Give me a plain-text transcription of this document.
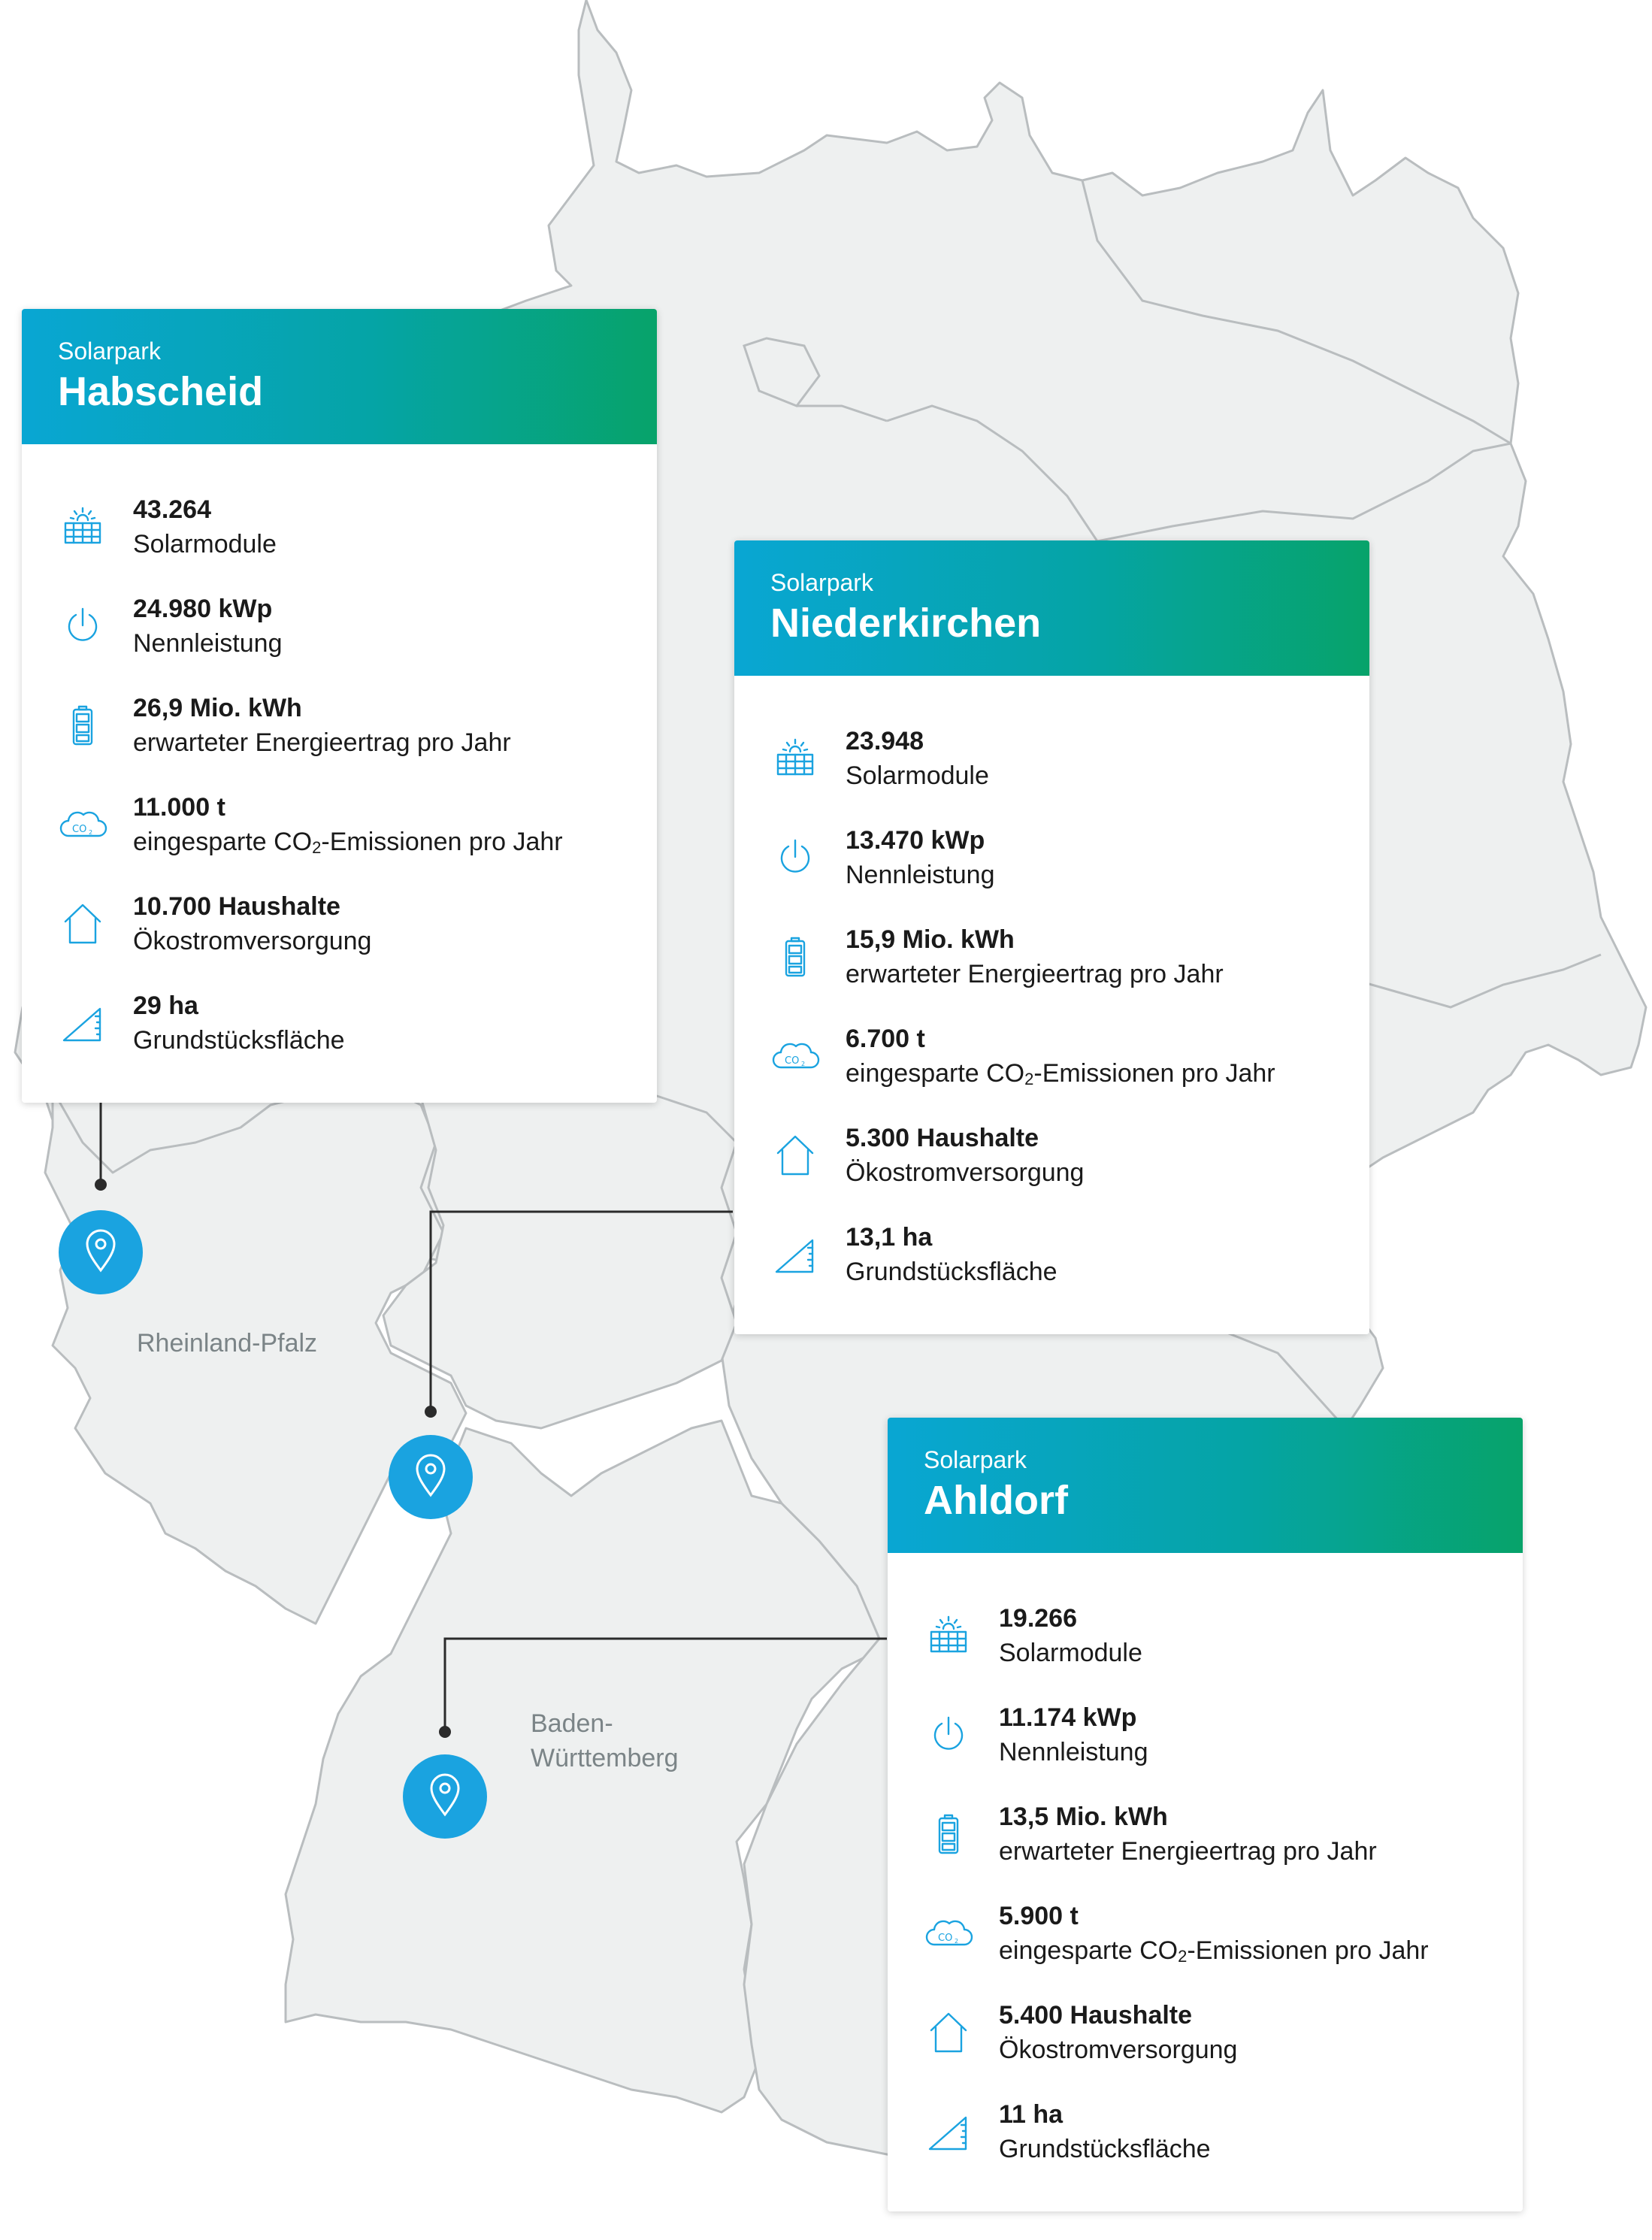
Rheinland-Pfalz
Baden-
Württemberg
Solarpark
Habscheid
43.264
Solarmodule
24.980 kWp
Nennleistung
26,9 Mio. kWh
erwarteter Energieertrag pro Jahr
CO 2
11.000 t
eingesparte $CO_2$-Emissionen pro Jahr
10.700 Haushalte
Ökostromversorgung
29 ha
Grundstücksfläche
Solarpark
Niederkirchen
23.948
Solarmodule
13.470 kWp
Nennleistung
15,9 Mio. kWh
erwarteter Energieertrag pro Jahr
CO 2
6.700 t
eingesparte $CO_2$-Emissionen pro Jahr
5.300 Haushalte
Ökostromversorgung
13,1 ha
Grundstücksfläche
Solarpark
Ahldorf
19.266
Solarmodule
11.174 kWp
Nennleistung
13,5 Mio. kWh
erwarteter Energieertrag pro Jahr
CO 2
5.900 t
eingesparte $CO_2$-Emissionen pro Jahr
5.400 Haushalte
Ökostromversorgung
11 ha
Grundstücksfläche
